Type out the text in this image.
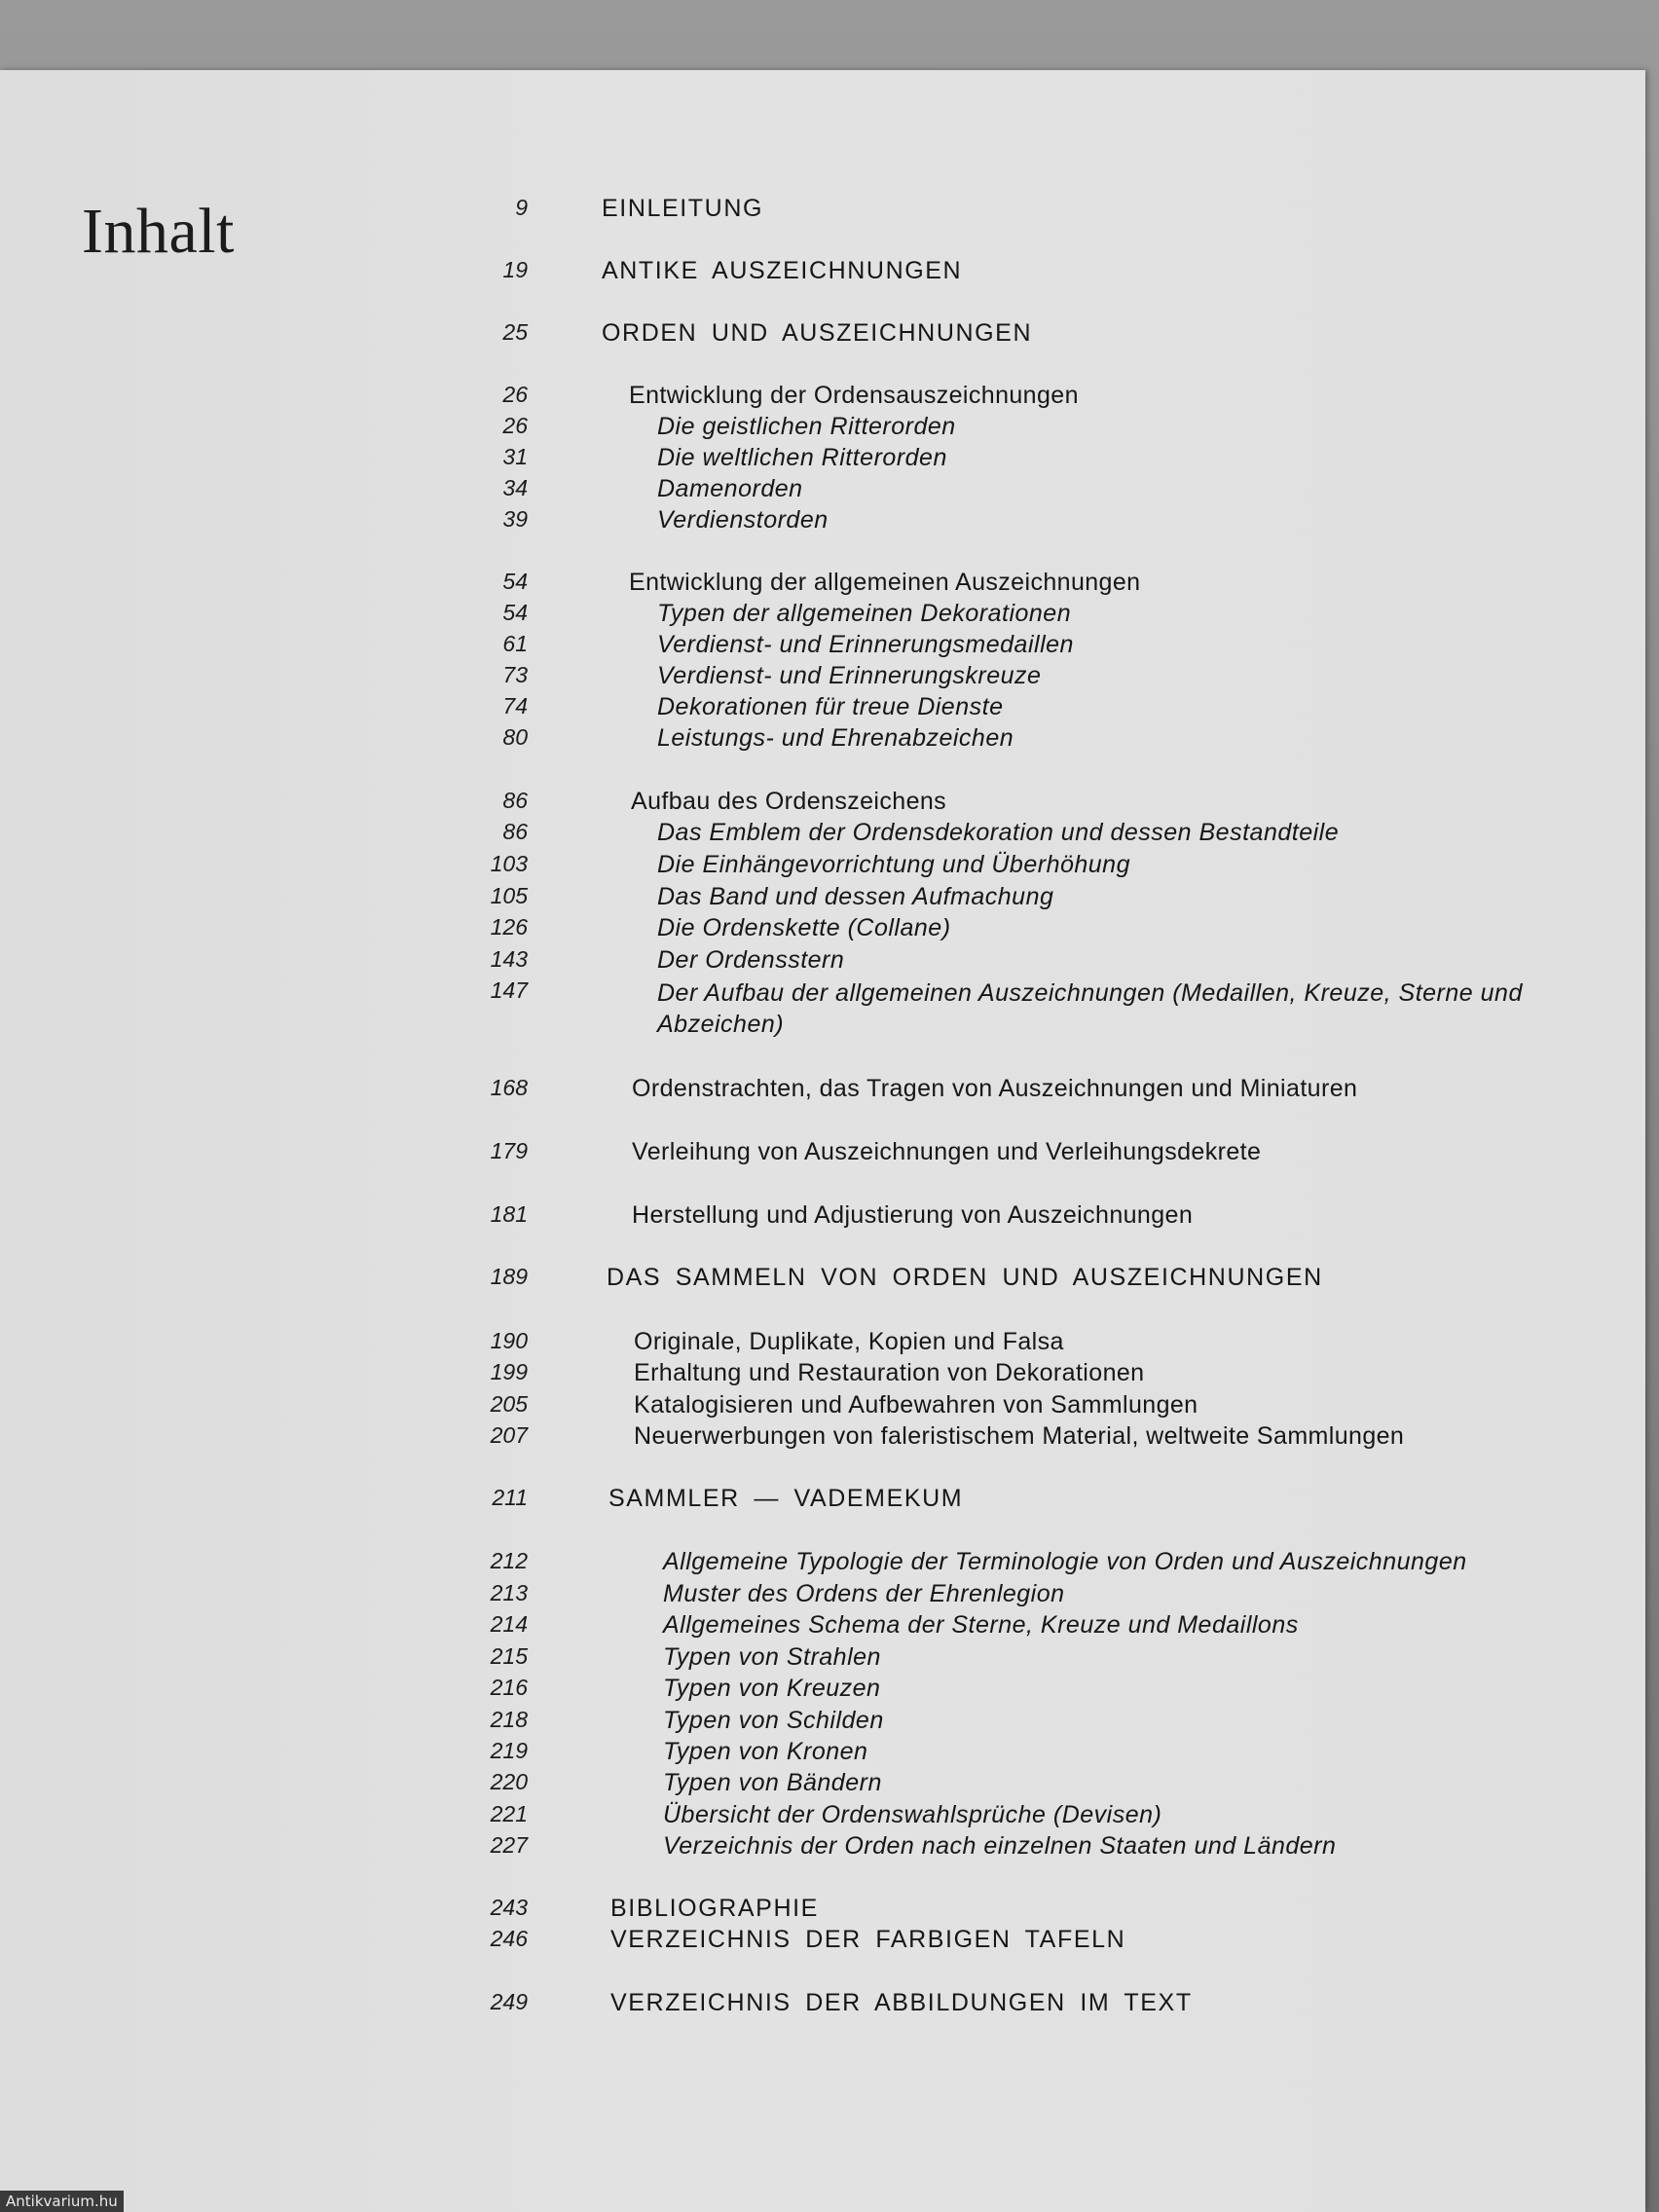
Inhalt	9	EINLEITUNG
19	ANTIKE AUSZEICHNUNGEN
25	ORDEN UND AUSZEICHNUNGEN
26	Entwicklung der Ordensauszeichnungen
26	Die geistlichen Ritterorden
31	Die weltlichen Ritterorden
34	Damenorden
39	Verdienstorden
54	Entwicklung der allgemeinen Auszeichnungen
54	Typen der allgemeinen Dekorationen
61	Verdienst- und Erinnerungsmedaillen
73	Verdienst- und Erinnerungskreuze
74	Dekorationen für treue Dienste
80	Leistungs- und Ehrenabzeichen
86	Aufbau des Ordenszeichens
86	Das Emblem der Ordensdekoration und dessen Bestandteile
103	Die Einhängevorrichtung und Überhöhung
105	Das Band und dessen Aufmachung
126	Die Ordenskette (Collane)
143	Der Ordensstern
147	Der Aufbau der allgemeinen Auszeichnungen (Medaillen, Kreuze, Sterne und Abzeichen)
168	Ordenstrachten, das Tragen von Auszeichnungen und Miniaturen
179	Verleihung von Auszeichnungen und Verleihungsdekrete
181	Herstellung und Adjustierung von Auszeichnungen
189	DAS SAMMELN VON ORDEN UND AUSZEICHNUNGEN
190	Originale, Duplikate, Kopien und Falsa
199	Erhaltung und Restauration von Dekorationen
205	Katalogisieren und Aufbewahren von Sammlungen
207	Neuerwerbungen von faleristischem Material, weltweite Sammlungen
211	SAMMLER — VADEMEKUM
212	Allgemeine Typologie der Terminologie von Orden und Auszeichnungen
213	Muster des Ordens der Ehrenlegion
214	Allgemeines Schema der Sterne, Kreuze und Medaillons
215	Typen von Strahlen
216	Typen von Kreuzen
218	Typen von Schilden
219	Typen von Kronen
220	Typen von Bändern
221	Übersicht der Ordenswahlsprüche (Devisen)
227	Verzeichnis der Orden nach einzelnen Staaten und Ländern
243	BIBLIOGRAPHIE
246	VERZEICHNIS DER FARBIGEN TAFELN
249	VERZEICHNIS DER ABBILDUNGEN IM TEXT
Antikvarium.hu
